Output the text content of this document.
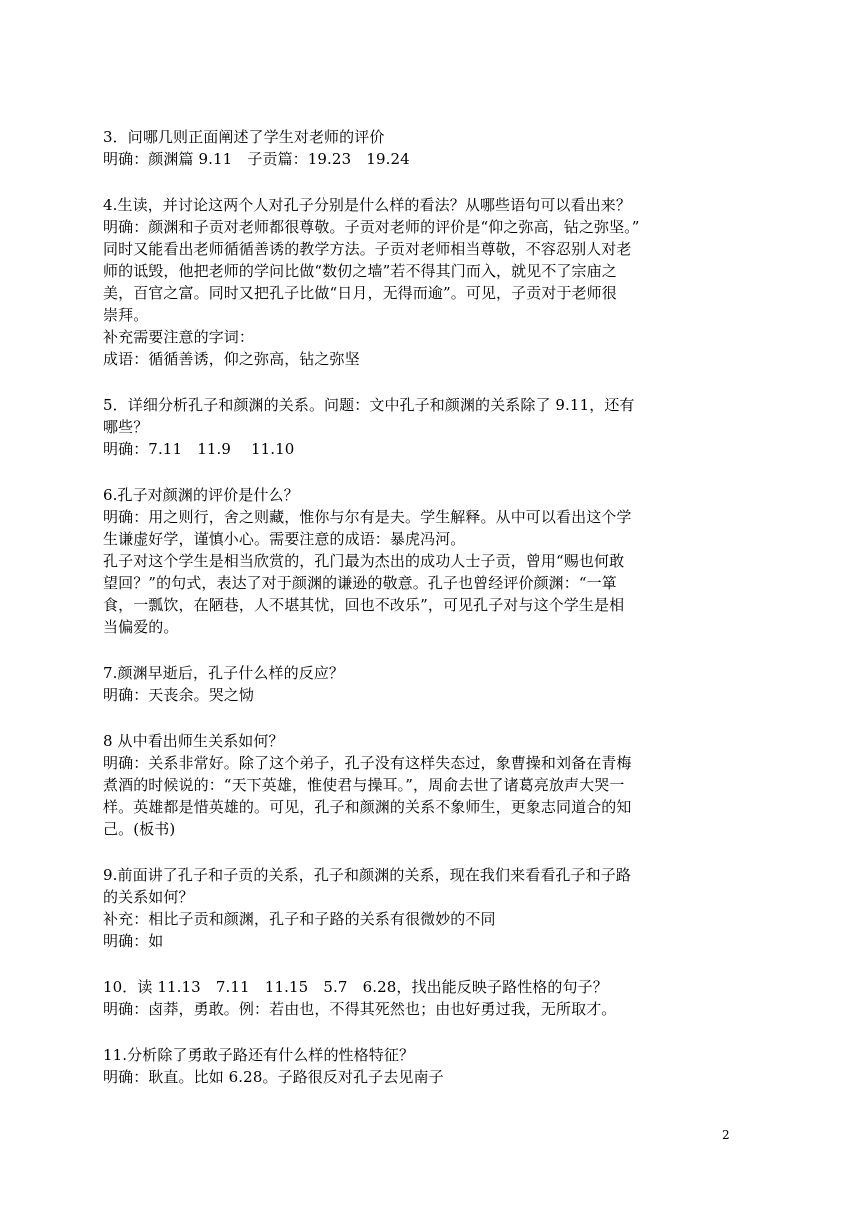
3．问哪几则正面阐述了学生对老师的评价
明确：颜渊篇 9.11　子贡篇：19.23　19.24
4.生读，并讨论这两个人对孔子分别是什么样的看法？从哪些语句可以看出来？
明确：颜渊和子贡对老师都很尊敬。子贡对老师的评价是“仰之弥高，钻之弥坚。”
同时又能看出老师循循善诱的教学方法。子贡对老师相当尊敬，不容忍别人对老
师的诋毁，他把老师的学问比做“数仞之墙”若不得其门而入，就见不了宗庙之
美，百官之富。同时又把孔子比做“日月，无得而逾”。可见，子贡对于老师很
崇拜。
补充需要注意的字词：
成语：循循善诱，仰之弥高，钻之弥坚
5．详细分析孔子和颜渊的关系。问题：文中孔子和颜渊的关系除了 9.11，还有
哪些？
明确：7.11　11.9　 11.10
6.孔子对颜渊的评价是什么？
明确：用之则行，舍之则藏，惟你与尔有是夫。学生解释。从中可以看出这个学
生谦虚好学，谨慎小心。需要注意的成语：暴虎冯河。
孔子对这个学生是相当欣赏的，孔门最为杰出的成功人士子贡，曾用“赐也何敢
望回？”的句式，表达了对于颜渊的谦逊的敬意。孔子也曾经评价颜渊：“一箪
食，一瓢饮，在陋巷，人不堪其忧，回也不改乐”，可见孔子对与这个学生是相
当偏爱的。
7.颜渊早逝后，孔子什么样的反应？
明确：天丧余。哭之恸
8 从中看出师生关系如何？
明确：关系非常好。除了这个弟子，孔子没有这样失态过，象曹操和刘备在青梅
煮酒的时候说的：“天下英雄，惟使君与操耳。”，周俞去世了诸葛亮放声大哭一
样。英雄都是惜英雄的。可见，孔子和颜渊的关系不象师生，更象志同道合的知
己。(板书)
9.前面讲了孔子和子贡的关系，孔子和颜渊的关系，现在我们来看看孔子和子路
的关系如何？
补充：相比子贡和颜渊，孔子和子路的关系有很微妙的不同
明确：如
10．读 11.13　7.11　11.15　5.7　6.28，找出能反映子路性格的句子？
明确：卤莽，勇敢。例：若由也，不得其死然也；由也好勇过我，无所取才。
11.分析除了勇敢子路还有什么样的性格特征？
明确：耿直。比如 6.28。子路很反对孔子去见南子
2
